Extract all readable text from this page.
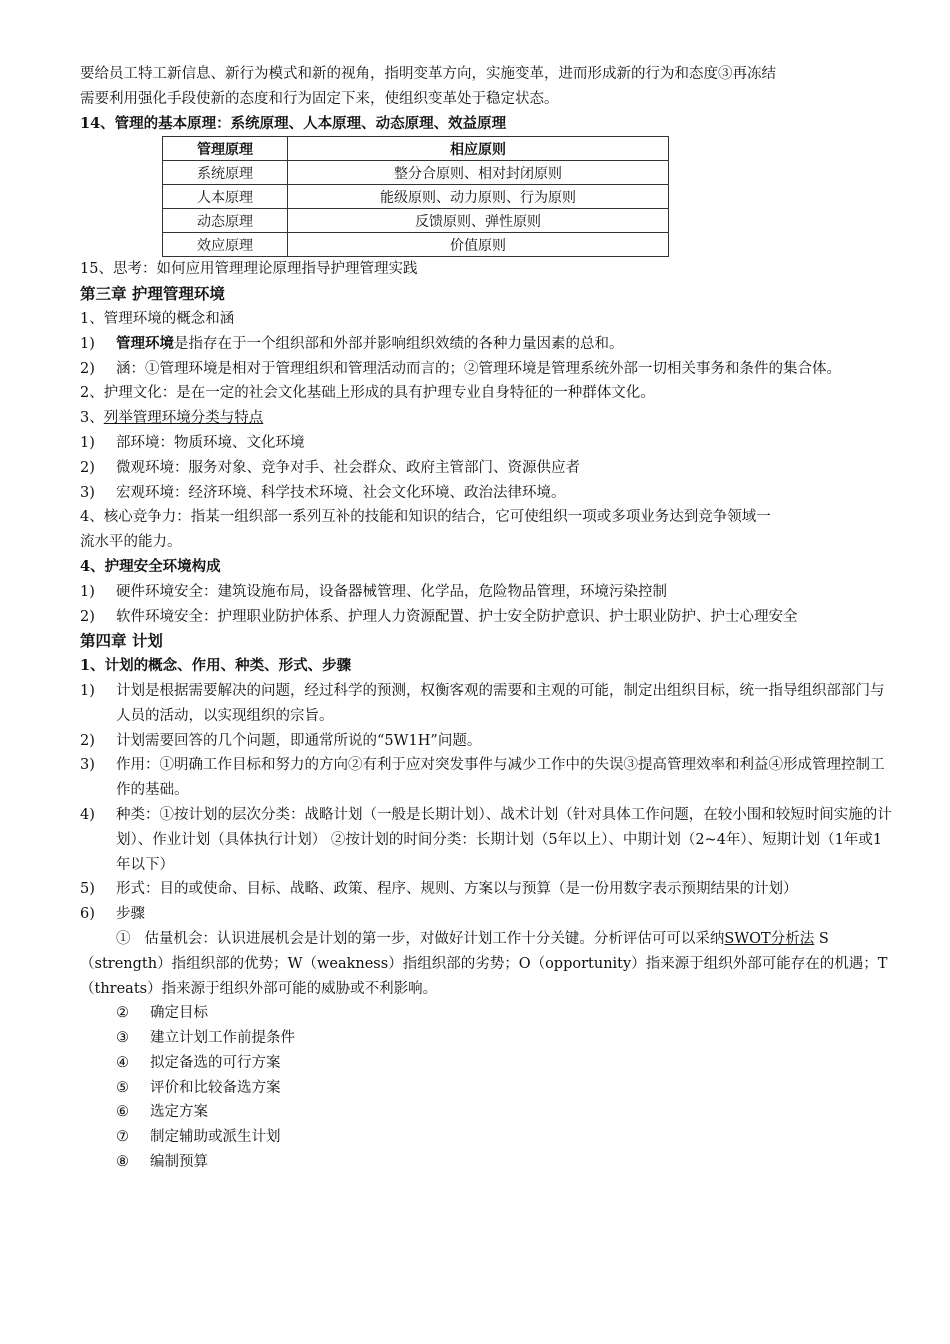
要给员工特工新信息、新行为模式和新的视角，指明变革方向，实施变革，进而形成新的行为和态度③再冻结
需要利用强化手段使新的态度和行为固定下来，使组织变革处于稳定状态。
14、管理的基本原理：系统原理、人本原理、动态原理、效益原理
管理原理	相应原则
系统原理	整分合原则、相对封闭原则
人本原理	能级原则、动力原则、行为原则
动态原理	反馈原则、弹性原则
效应原理	价值原则
15、思考：如何应用管理理论原理指导护理管理实践
第三章 护理管理环境
1、管理环境的概念和涵
1)	管理环境是指存在于一个组织部和外部并影响组织效绩的各种力量因素的总和。
2)	涵：①管理环境是相对于管理组织和管理活动而言的；②管理环境是管理系统外部一切相关事务和条件的集合体。
2、护理文化：是在一定的社会文化基础上形成的具有护理专业自身特征的一种群体文化。
3、列举管理环境分类与特点
1)	部环境：物质环境、文化环境
2)	微观环境：服务对象、竞争对手、社会群众、政府主管部门、资源供应者
3)	宏观环境：经济环境、科学技术环境、社会文化环境、政治法律环境。
4、核心竞争力：指某一组织部一系列互补的技能和知识的结合，它可使组织一项或多项业务达到竞争领域一
流水平的能力。
4、护理安全环境构成
1)	硬件环境安全：建筑设施布局，设备器械管理、化学品，危险物品管理，环境污染控制
2)	软件环境安全：护理职业防护体系、护理人力资源配置、护士安全防护意识、护士职业防护、护士心理安全
第四章 计划
1、计划的概念、作用、种类、形式、步骤
1)	计划是根据需要解决的问题，经过科学的预测，权衡客观的需要和主观的可能，制定出组织目标，统一指导组织部部门与人员的活动，以实现组织的宗旨。
2)	计划需要回答的几个问题，即通常所说的“5W1H”问题。
3)	作用：①明确工作目标和努力的方向②有利于应对突发事件与减少工作中的失误③提高管理效率和利益④形成管理控制工作的基础。
4)	种类：①按计划的层次分类：战略计划（一般是长期计划）、战术计划（针对具体工作问题，在较小围和较短时间实施的计划）、作业计划（具体执行计划） ②按计划的时间分类：长期计划（5年以上）、中期计划（2~4年）、短期计划（1年或1年以下）
5)	形式：目的或使命、目标、战略、政策、程序、规则、方案以与预算（是一份用数字表示预期结果的计划）
6)	步骤
① 估量机会：认识进展机会是计划的第一步，对做好计划工作十分关键。分析评估可可以采纳SWOT分析法 S（strength）指组织部的优势；W（weakness）指组织部的劣势；O（opportunity）指来源于组织外部可能存在的机遇；T（threats）指来源于组织外部可能的威胁或不利影响。
②	确定目标
③	建立计划工作前提条件
④	拟定备选的可行方案
⑤	评价和比较备选方案
⑥	选定方案
⑦	制定辅助或派生计划
⑧	编制预算
